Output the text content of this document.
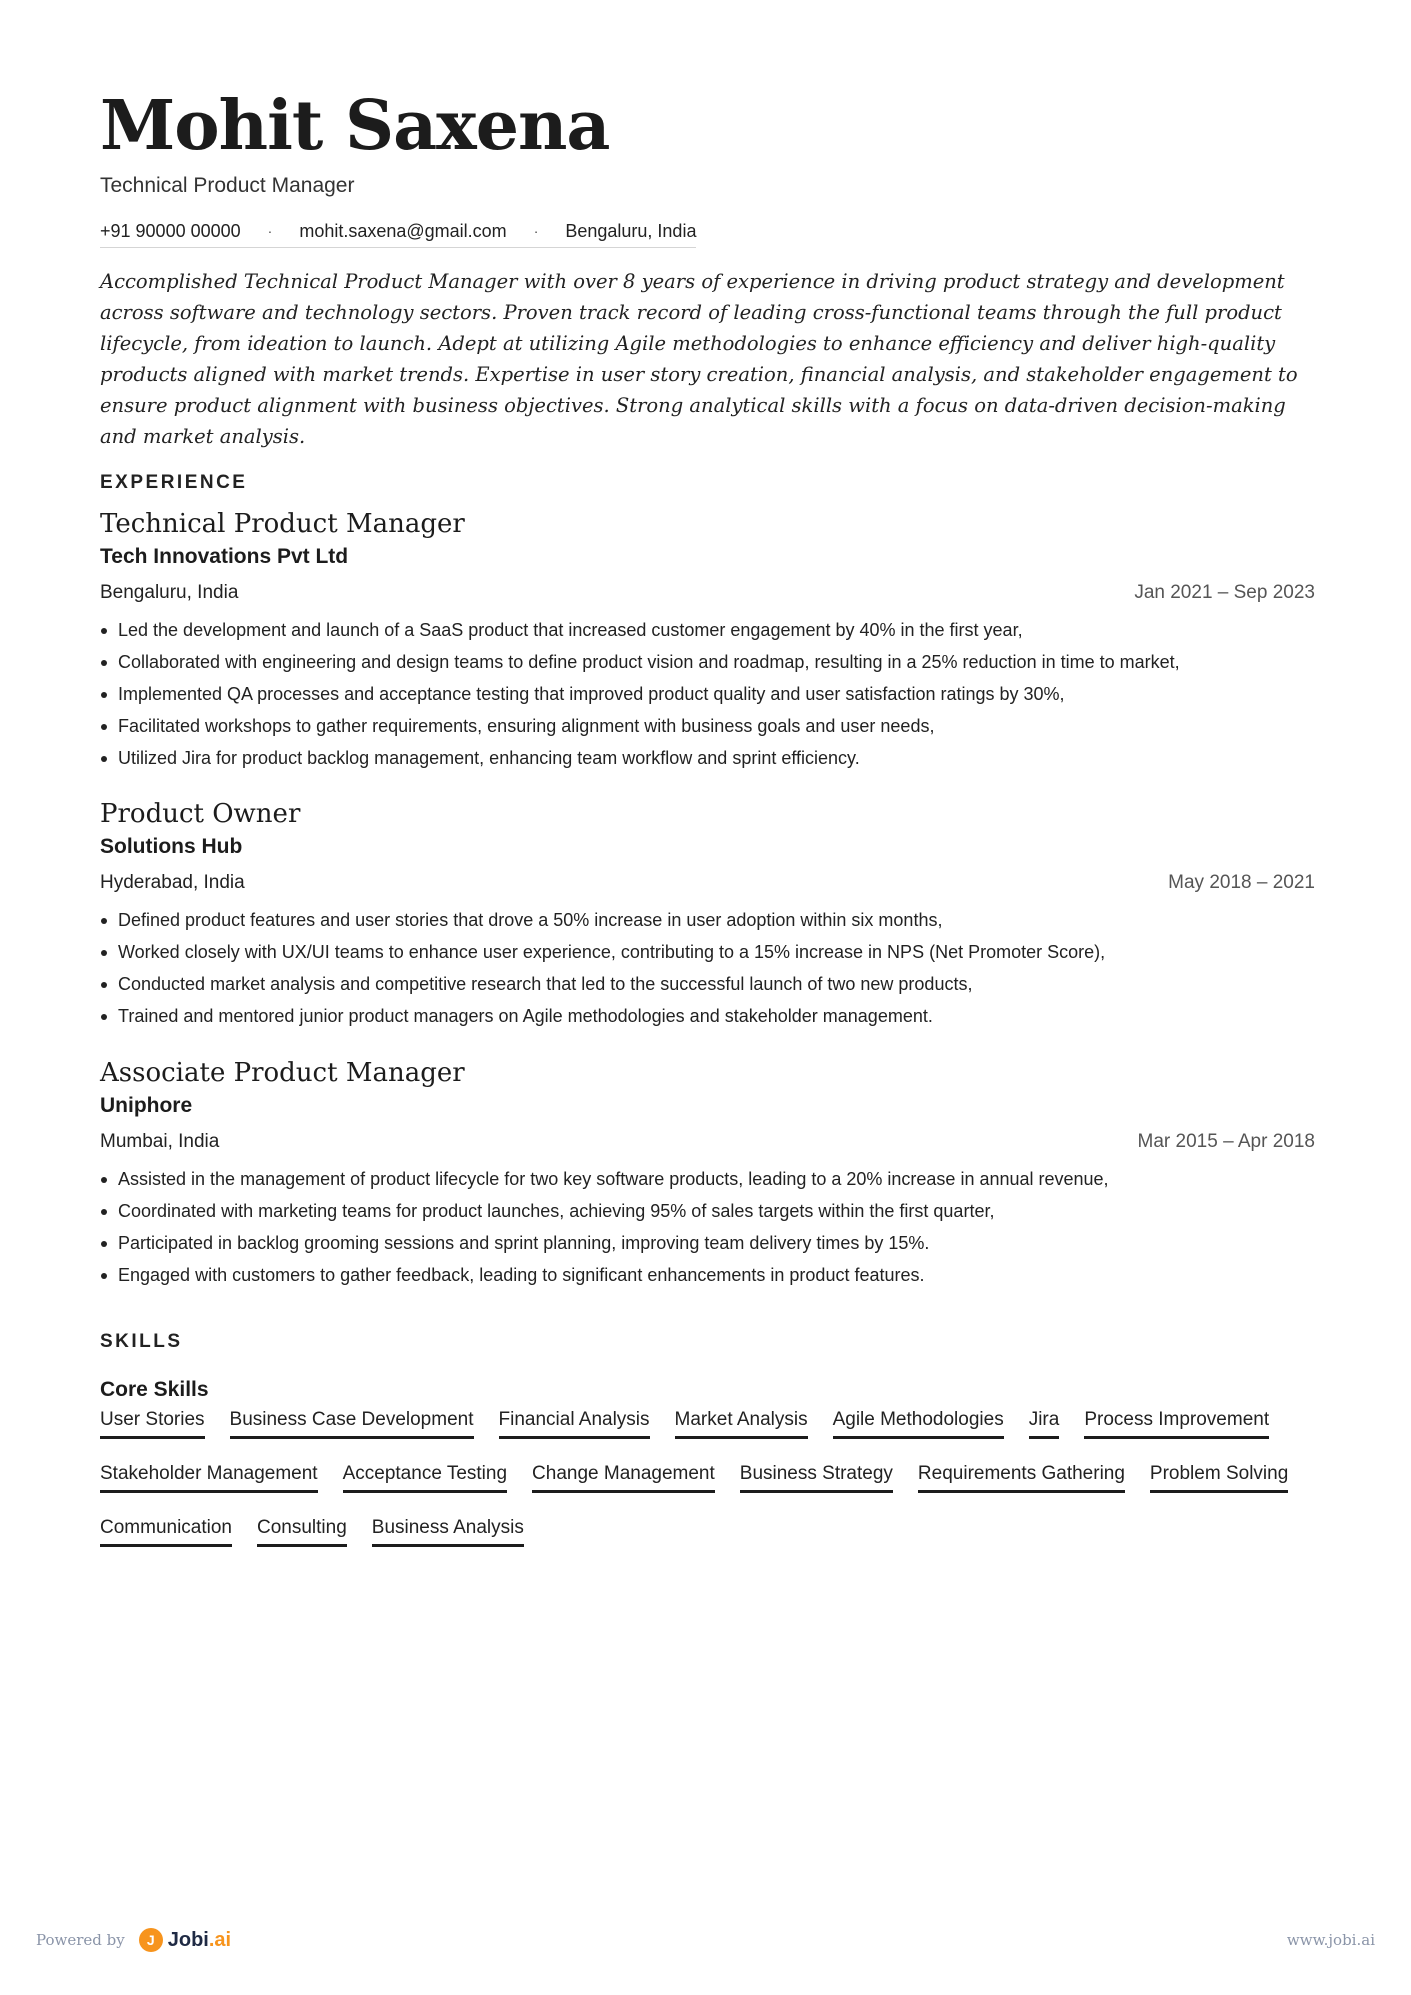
Mohit Saxena
Technical Product Manager
+91 90000 00000 · mohit.saxena@gmail.com · Bengaluru, India

Accomplished Technical Product Manager with over 8 years of experience in driving product strategy and development across software and technology sectors. Proven track record of leading cross-functional teams through the full product lifecycle, from ideation to launch. Adept at utilizing Agile methodologies to enhance efficiency and deliver high-quality products aligned with market trends. Expertise in user story creation, financial analysis, and stakeholder engagement to ensure product alignment with business objectives. Strong analytical skills with a focus on data-driven decision-making and market analysis.

EXPERIENCE
Technical Product Manager
Tech Innovations Pvt Ltd
Bengaluru, India	Jan 2021 – Sep 2023
Led the development and launch of a SaaS product that increased customer engagement by 40% in the first year,
Collaborated with engineering and design teams to define product vision and roadmap, resulting in a 25% reduction in time to market,
Implemented QA processes and acceptance testing that improved product quality and user satisfaction ratings by 30%,
Facilitated workshops to gather requirements, ensuring alignment with business goals and user needs,
Utilized Jira for product backlog management, enhancing team workflow and sprint efficiency.
Product Owner
Solutions Hub
Hyderabad, India	May 2018 – 2021
Defined product features and user stories that drove a 50% increase in user adoption within six months,
Worked closely with UX/UI teams to enhance user experience, contributing to a 15% increase in NPS (Net Promoter Score),
Conducted market analysis and competitive research that led to the successful launch of two new products,
Trained and mentored junior product managers on Agile methodologies and stakeholder management.
Associate Product Manager
Uniphore
Mumbai, India	Mar 2015 – Apr 2018
Assisted in the management of product lifecycle for two key software products, leading to a 20% increase in annual revenue,
Coordinated with marketing teams for product launches, achieving 95% of sales targets within the first quarter,
Participated in backlog grooming sessions and sprint planning, improving team delivery times by 15%.
Engaged with customers to gather feedback, leading to significant enhancements in product features.
SKILLS
Core Skills
User Stories Business Case Development Financial Analysis Market Analysis Agile Methodologies Jira Process Improvement
Stakeholder Management Acceptance Testing Change Management Business Strategy Requirements Gathering Problem Solving
Communication Consulting Business Analysis
Powered by	J Jobi.ai	www.jobi.ai
